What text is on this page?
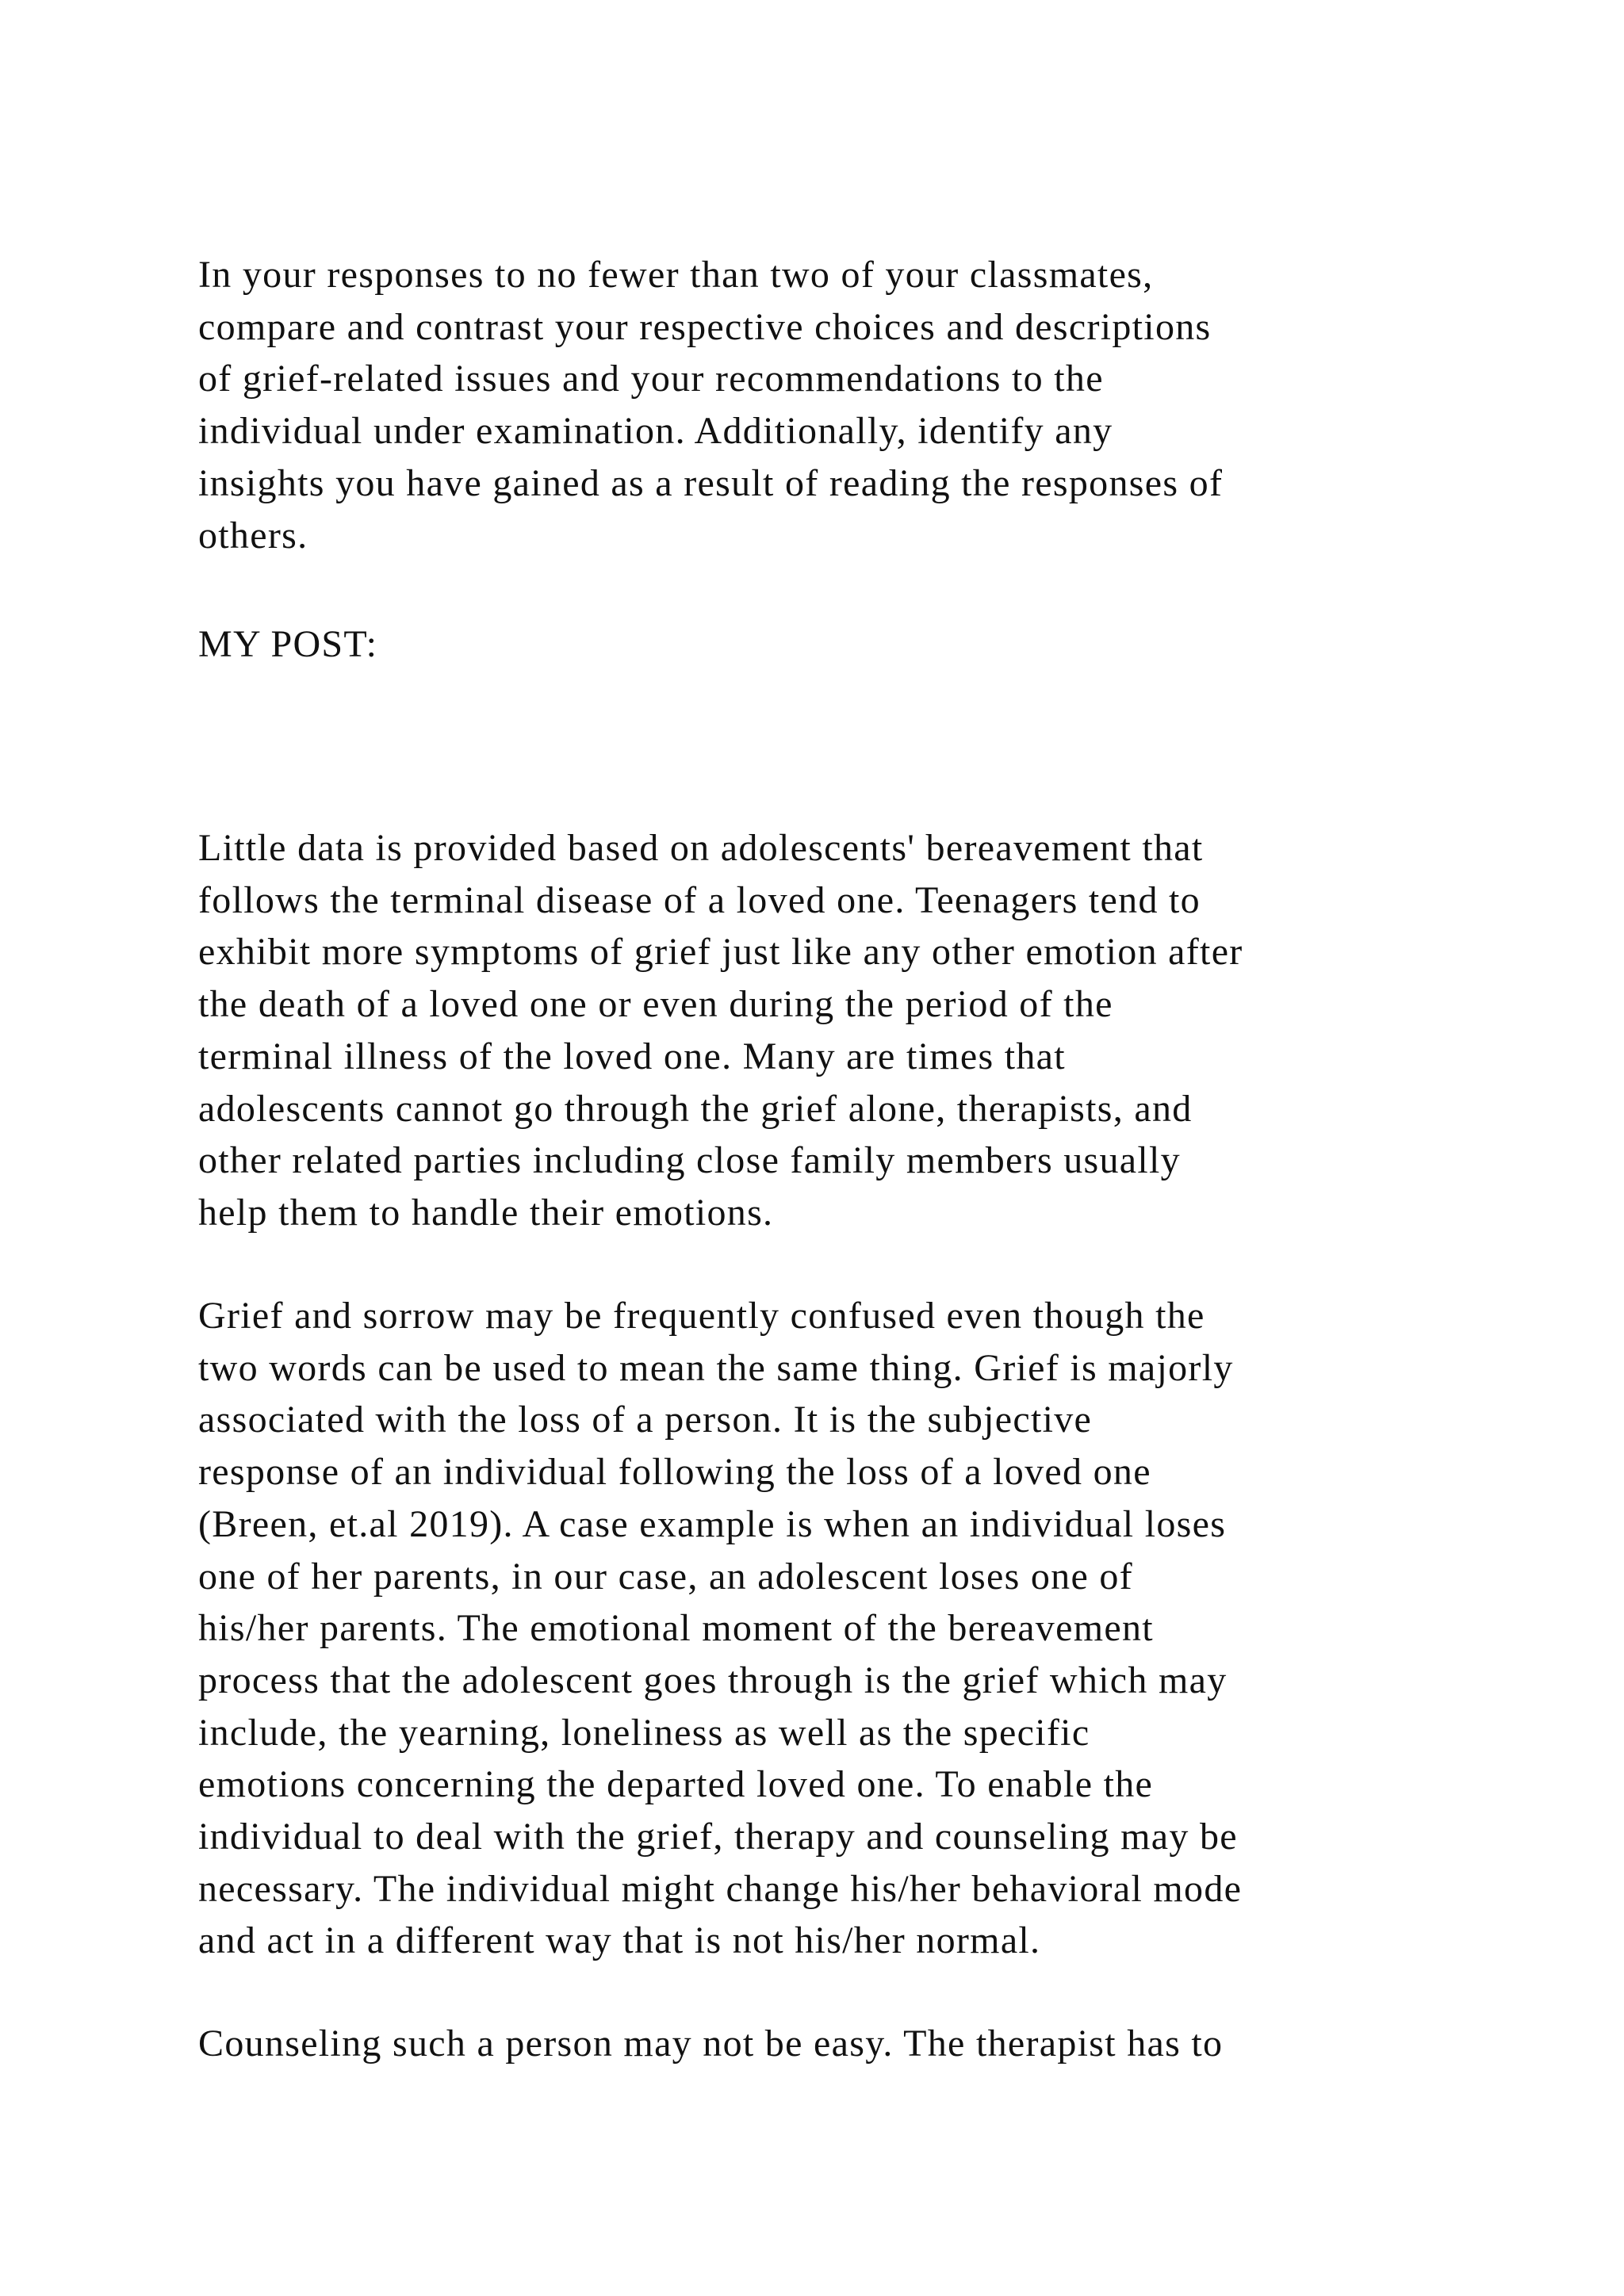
In your responses to no fewer than two of your classmates,
compare and contrast your respective choices and descriptions
of grief-related issues and your recommendations to the
individual under examination. Additionally, identify any
insights you have gained as a result of reading the responses of
others.
MY POST:
Little data is provided based on adolescents' bereavement that
follows the terminal disease of a loved one. Teenagers tend to
exhibit more symptoms of grief just like any other emotion after
the death of a loved one or even during the period of the
terminal illness of the loved one. Many are times that
adolescents cannot go through the grief alone, therapists, and
other related parties including close family members usually
help them to handle their emotions.
Grief and sorrow may be frequently confused even though the
two words can be used to mean the same thing. Grief is majorly
associated with the loss of a person. It is the subjective
response of an individual following the loss of a loved one
(Breen, et.al 2019). A case example is when an individual loses
one of her parents, in our case, an adolescent loses one of
his/her parents. The emotional moment of the bereavement
process that the adolescent goes through is the grief which may
include, the yearning, loneliness as well as the specific
emotions concerning the departed loved one. To enable the
individual to deal with the grief, therapy and counseling may be
necessary. The individual might change his/her behavioral mode
and act in a different way that is not his/her normal.
Counseling such a person may not be easy. The therapist has to
